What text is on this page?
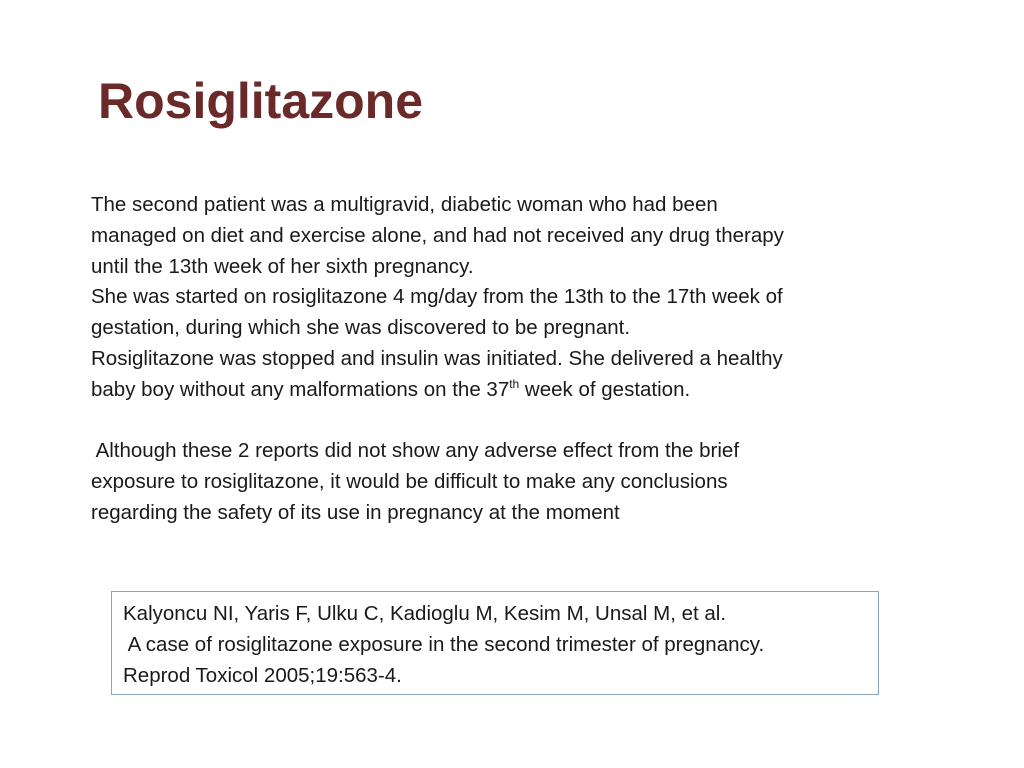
Rosiglitazone
The second patient was a multigravid, diabetic woman who had been
managed on diet and exercise alone, and had not received any drug therapy
until the 13th week of her sixth pregnancy.
She was started on rosiglitazone 4 mg/day from the 13th to the 17th week of
gestation, during which she was discovered to be pregnant.
Rosiglitazone was stopped and insulin was initiated. She delivered a healthy
baby boy without any malformations on the 37th week of gestation.
Although these 2 reports did not show any adverse effect from the brief
exposure to rosiglitazone, it would be difficult to make any conclusions
regarding the safety of its use in pregnancy at the moment
Kalyoncu NI, Yaris F, Ulku C, Kadioglu M, Kesim M, Unsal M, et al.
A case of rosiglitazone exposure in the second trimester of pregnancy.
Reprod Toxicol 2005;19:563-4.
